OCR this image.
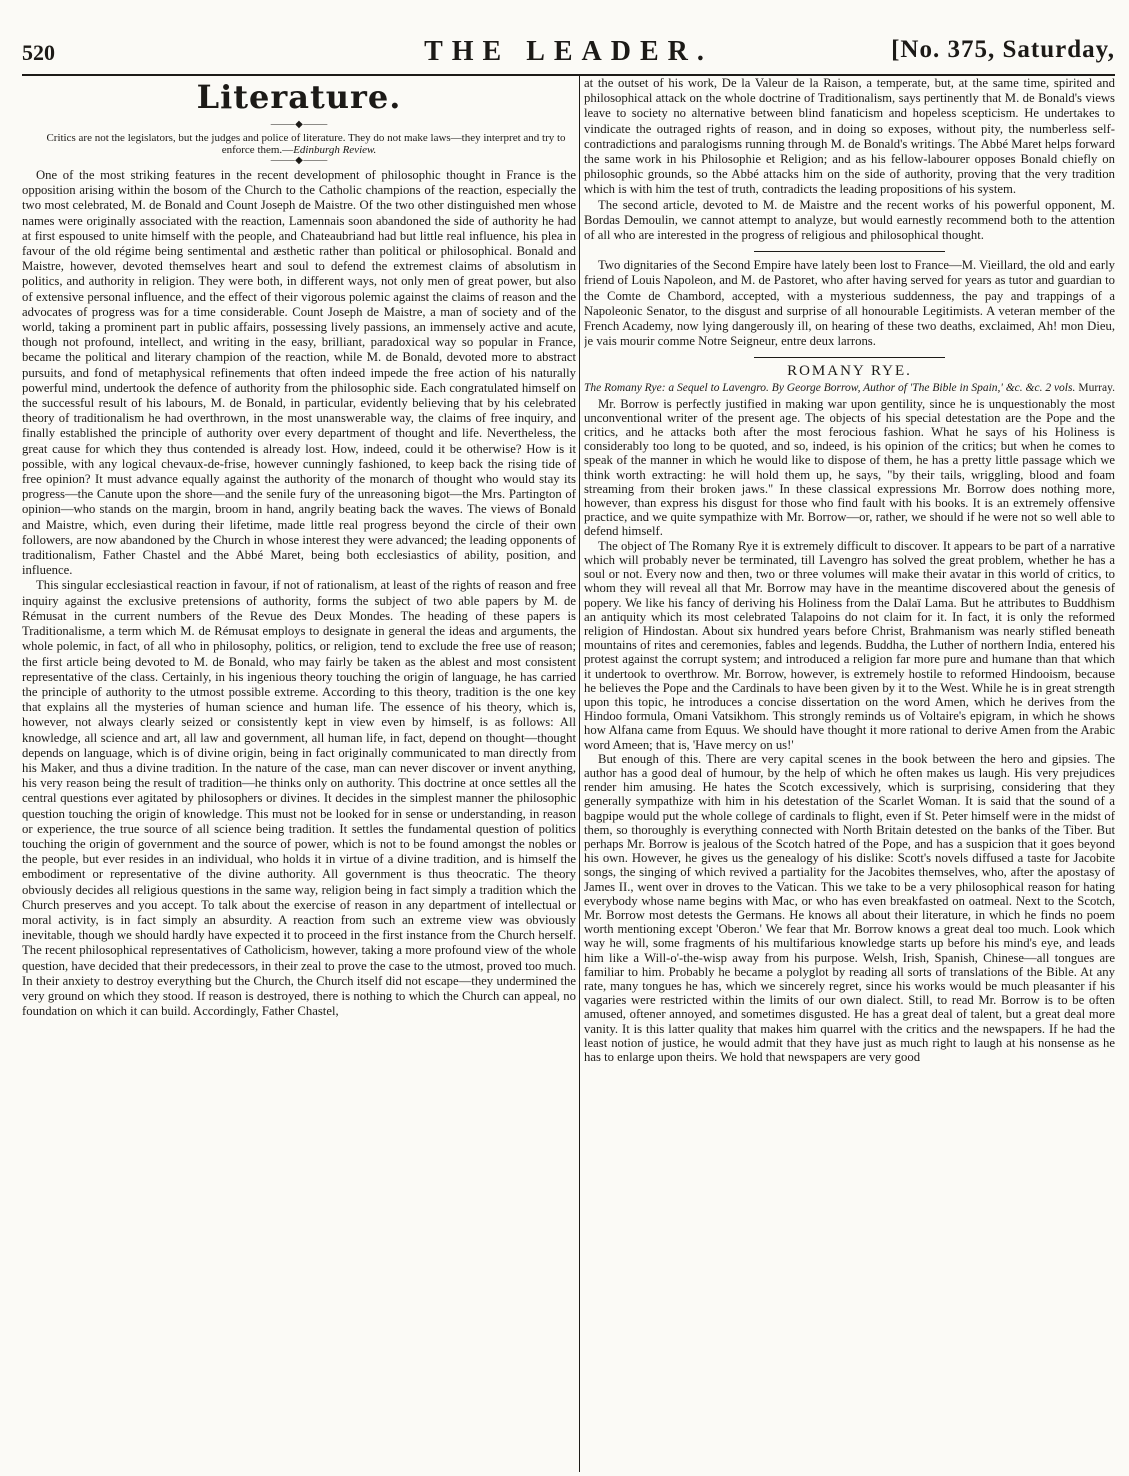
520	THE LEADER.	[No. 375, Saturday,
Literature.
⸻◆⸻

Critics are not the legislators, but the judges and police of literature. They do not make laws—they interpret and try to enforce them.—Edinburgh Review.

⸻◆⸻

One of the most striking features in the recent development of philosophic thought in France is the opposition arising within the bosom of the Church to the Catholic champions of the reaction, especially the two most celebrated, M. de Bonald and Count Joseph de Maistre. Of the two other distinguished men whose names were originally associated with the reaction, Lamennais soon abandoned the side of authority he had at first espoused to unite himself with the people, and Chateaubriand had but little real influence, his plea in favour of the old régime being sentimental and æsthetic rather than political or philosophical. Bonald and Maistre, however, devoted themselves heart and soul to defend the extremest claims of absolutism in politics, and authority in religion. They were both, in different ways, not only men of great power, but also of extensive personal influence, and the effect of their vigorous polemic against the claims of reason and the advocates of progress was for a time considerable. Count Joseph de Maistre, a man of society and of the world, taking a prominent part in public affairs, possessing lively passions, an immensely active and acute, though not profound, intellect, and writing in the easy, brilliant, paradoxical way so popular in France, became the political and literary champion of the reaction, while M. de Bonald, devoted more to abstract pursuits, and fond of metaphysical refinements that often indeed impede the free action of his naturally powerful mind, undertook the defence of authority from the philosophic side. Each congratulated himself on the successful result of his labours, M. de Bonald, in particular, evidently believing that by his celebrated theory of traditionalism he had overthrown, in the most unanswerable way, the claims of free inquiry, and finally established the principle of authority over every department of thought and life. Nevertheless, the great cause for which they thus contended is already lost. How, indeed, could it be otherwise? How is it possible, with any logical chevaux-de-frise, however cunningly fashioned, to keep back the rising tide of free opinion? It must advance equally against the authority of the monarch of thought who would stay its progress—the Canute upon the shore—and the senile fury of the unreasoning bigot—the Mrs. Partington of opinion—who stands on the margin, broom in hand, angrily beating back the waves. The views of Bonald and Maistre, which, even during their lifetime, made little real progress beyond the circle of their own followers, are now abandoned by the Church in whose interest they were advanced; the leading opponents of traditionalism, Father Chastel and the Abbé Maret, being both ecclesiastics of ability, position, and influence.

This singular ecclesiastical reaction in favour, if not of rationalism, at least of the rights of reason and free inquiry against the exclusive pretensions of authority, forms the subject of two able papers by M. de Rémusat in the current numbers of the Revue des Deux Mondes. The heading of these papers is Traditionalisme, a term which M. de Rémusat employs to designate in general the ideas and arguments, the whole polemic, in fact, of all who in philosophy, politics, or religion, tend to exclude the free use of reason; the first article being devoted to M. de Bonald, who may fairly be taken as the ablest and most consistent representative of the class. Certainly, in his ingenious theory touching the origin of language, he has carried the principle of authority to the utmost possible extreme. According to this theory, tradition is the one key that explains all the mysteries of human science and human life. The essence of his theory, which is, however, not always clearly seized or consistently kept in view even by himself, is as follows: All knowledge, all science and art, all law and government, all human life, in fact, depend on thought—thought depends on language, which is of divine origin, being in fact originally communicated to man directly from his Maker, and thus a divine tradition. In the nature of the case, man can never discover or invent anything, his very reason being the result of tradition—he thinks only on authority. This doctrine at once settles all the central questions ever agitated by philosophers or divines. It decides in the simplest manner the philosophic question touching the origin of knowledge. This must not be looked for in sense or understanding, in reason or experience, the true source of all science being tradition. It settles the fundamental question of politics touching the origin of government and the source of power, which is not to be found amongst the nobles or the people, but ever resides in an individual, who holds it in virtue of a divine tradition, and is himself the embodiment or representative of the divine authority. All government is thus theocratic. The theory obviously decides all religious questions in the same way, religion being in fact simply a tradition which the Church preserves and you accept. To talk about the exercise of reason in any department of intellectual or moral activity, is in fact simply an absurdity. A reaction from such an extreme view was obviously inevitable, though we should hardly have expected it to proceed in the first instance from the Church herself. The recent philosophical representatives of Catholicism, however, taking a more profound view of the whole question, have decided that their predecessors, in their zeal to prove the case to the utmost, proved too much. In their anxiety to destroy everything but the Church, the Church itself did not escape—they undermined the very ground on which they stood. If reason is destroyed, there is nothing to which the Church can appeal, no foundation on which it can build. Accordingly, Father Chastel,

at the outset of his work, De la Valeur de la Raison, a temperate, but, at the same time, spirited and philosophical attack on the whole doctrine of Traditionalism, says pertinently that M. de Bonald's views leave to society no alternative between blind fanaticism and hopeless scepticism. He undertakes to vindicate the outraged rights of reason, and in doing so exposes, without pity, the numberless self-contradictions and paralogisms running through M. de Bonald's writings. The Abbé Maret helps forward the same work in his Philosophie et Religion; and as his fellow-labourer opposes Bonald chiefly on philosophic grounds, so the Abbé attacks him on the side of authority, proving that the very tradition which is with him the test of truth, contradicts the leading propositions of his system.

The second article, devoted to M. de Maistre and the recent works of his powerful opponent, M. Bordas Demoulin, we cannot attempt to analyze, but would earnestly recommend both to the attention of all who are interested in the progress of religious and philosophical thought.

Two dignitaries of the Second Empire have lately been lost to France—M. Vieillard, the old and early friend of Louis Napoleon, and M. de Pastoret, who after having served for years as tutor and guardian to the Comte de Chambord, accepted, with a mysterious suddenness, the pay and trappings of a Napoleonic Senator, to the disgust and surprise of all honourable Legitimists. A veteran member of the French Academy, now lying dangerously ill, on hearing of these two deaths, exclaimed, Ah! mon Dieu, je vais mourir comme Notre Seigneur, entre deux larrons.

ROMANY RYE.
The Romany Rye: a Sequel to Lavengro. By George Borrow, Author of 'The Bible in Spain,' &c. &c. 2 vols. Murray.

Mr. Borrow is perfectly justified in making war upon gentility, since he is unquestionably the most unconventional writer of the present age. The objects of his special detestation are the Pope and the critics, and he attacks both after the most ferocious fashion. What he says of his Holiness is considerably too long to be quoted, and so, indeed, is his opinion of the critics; but when he comes to speak of the manner in which he would like to dispose of them, he has a pretty little passage which we think worth extracting: he will hold them up, he says, "by their tails, wriggling, blood and foam streaming from their broken jaws." In these classical expressions Mr. Borrow does nothing more, however, than express his disgust for those who find fault with his books. It is an extremely offensive practice, and we quite sympathize with Mr. Borrow—or, rather, we should if he were not so well able to defend himself.

The object of The Romany Rye it is extremely difficult to discover. It appears to be part of a narrative which will probably never be terminated, till Lavengro has solved the great problem, whether he has a soul or not. Every now and then, two or three volumes will make their avatar in this world of critics, to whom they will reveal all that Mr. Borrow may have in the meantime discovered about the genesis of popery. We like his fancy of deriving his Holiness from the Dalaï Lama. But he attributes to Buddhism an antiquity which its most celebrated Talapoins do not claim for it. In fact, it is only the reformed religion of Hindostan. About six hundred years before Christ, Brahmanism was nearly stifled beneath mountains of rites and ceremonies, fables and legends. Buddha, the Luther of northern India, entered his protest against the corrupt system; and introduced a religion far more pure and humane than that which it undertook to overthrow. Mr. Borrow, however, is extremely hostile to reformed Hindooism, because he believes the Pope and the Cardinals to have been given by it to the West. While he is in great strength upon this topic, he introduces a concise dissertation on the word Amen, which he derives from the Hindoo formula, Omani Vatsikhom. This strongly reminds us of Voltaire's epigram, in which he shows how Alfana came from Equus. We should have thought it more rational to derive Amen from the Arabic word Ameen; that is, 'Have mercy on us!'

But enough of this. There are very capital scenes in the book between the hero and gipsies. The author has a good deal of humour, by the help of which he often makes us laugh. His very prejudices render him amusing. He hates the Scotch excessively, which is surprising, considering that they generally sympathize with him in his detestation of the Scarlet Woman. It is said that the sound of a bagpipe would put the whole college of cardinals to flight, even if St. Peter himself were in the midst of them, so thoroughly is everything connected with North Britain detested on the banks of the Tiber. But perhaps Mr. Borrow is jealous of the Scotch hatred of the Pope, and has a suspicion that it goes beyond his own. However, he gives us the genealogy of his dislike: Scott's novels diffused a taste for Jacobite songs, the singing of which revived a partiality for the Jacobites themselves, who, after the apostasy of James II., went over in droves to the Vatican. This we take to be a very philosophical reason for hating everybody whose name begins with Mac, or who has even breakfasted on oatmeal. Next to the Scotch, Mr. Borrow most detests the Germans. He knows all about their literature, in which he finds no poem worth mentioning except 'Oberon.' We fear that Mr. Borrow knows a great deal too much. Look which way he will, some fragments of his multifarious knowledge starts up before his mind's eye, and leads him like a Will-o'-the-wisp away from his purpose. Welsh, Irish, Spanish, Chinese—all tongues are familiar to him. Probably he became a polyglot by reading all sorts of translations of the Bible. At any rate, many tongues he has, which we sincerely regret, since his works would be much pleasanter if his vagaries were restricted within the limits of our own dialect. Still, to read Mr. Borrow is to be often amused, oftener annoyed, and sometimes disgusted. He has a great deal of talent, but a great deal more vanity. It is this latter quality that makes him quarrel with the critics and the newspapers. If he had the least notion of justice, he would admit that they have just as much right to laugh at his nonsense as he has to enlarge upon theirs. We hold that newspapers are very good
